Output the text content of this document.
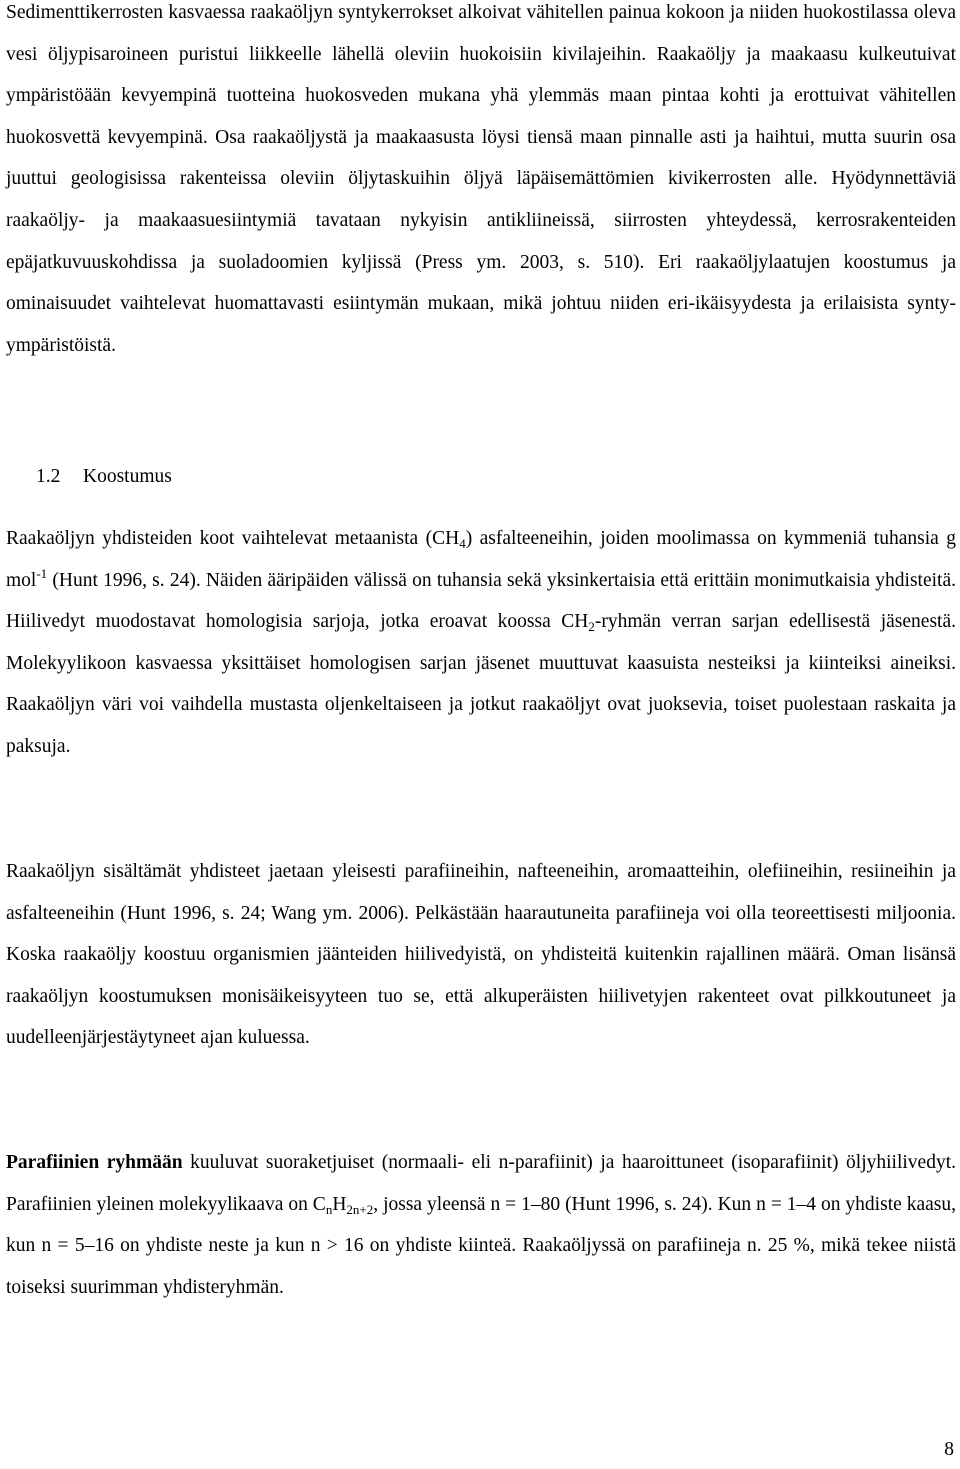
Sedimenttikerrosten kasvaessa raakaöljyn syntykerrokset alkoivat vähitellen painua kokoon ja niiden huokostilassa oleva vesi öljypisaroineen puristui liikkeelle lähellä oleviin huokoisiin kivilajeihin. Raakaöljy ja maakaasu kulkeutuivat ympäristöään kevyempinä tuotteina huokosveden mukana yhä ylemmäs maan pintaa kohti ja erottuivat vähitellen huokosvettä kevyempinä. Osa raakaöljystä ja maakaasusta löysi tiensä maan pinnalle asti ja haihtui, mutta suurin osa juuttui geologisissa rakenteissa oleviin öljytaskuihin öljyä läpäisemättömien kivikerrosten alle. Hyödynnettäviä raakaöljy- ja maakaasuesiintymiä tavataan nykyisin antikliineissä, siirrosten yhteydessä, kerrosrakenteiden epäjatkuvuuskohdissa ja suoladoomien kyljissä (Press ym. 2003, s. 510). Eri raakaöljylaatujen koostumus ja ominaisuudet vaihtelevat huomattavasti esiintymän mukaan, mikä johtuu niiden eri-ikäisyydesta ja erilaisista synty-ympäristöistä.

1.2 Koostumus

Raakaöljyn yhdisteiden koot vaihtelevat metaanista $(CH_4)$ asfalteeneihin, joiden moolimassa on kymmeniä tuhansia g mol$^{-1}$ (Hunt 1996, s. 24). Näiden ääripäiden välissä on tuhansia sekä yksinkertaisia että erittäin monimutkaisia yhdisteitä. Hiilivedyt muodostavat homologisia sarjoja, jotka eroavat koossa $CH_2$-ryhmän verran sarjan edellisestä jäsenestä. Molekyylikoon kasvaessa yksittäiset homologisen sarjan jäsenet muuttuvat kaasuista nesteiksi ja kiinteiksi aineiksi. Raakaöljyn väri voi vaihdella mustasta oljenkeltaiseen ja jotkut raakaöljyt ovat juoksevia, toiset puolestaan raskaita ja paksuja.

Raakaöljyn sisältämät yhdisteet jaetaan yleisesti parafiineihin, nafteeneihin, aromaatteihin, olefiineihin, resiineihin ja asfalteeneihin (Hunt 1996, s. 24; Wang ym. 2006). Pelkästään haarautuneita parafiineja voi olla teoreettisesti miljoonia. Koska raakaöljy koostuu organismien jäänteiden hiilivedyistä, on yhdisteitä kuitenkin rajallinen määrä. Oman lisänsä raakaöljyn koostumuksen monisäikeisyyteen tuo se, että alkuperäisten hiilivetyjen rakenteet ovat pilkkoutuneet ja uudelleenjärjestäytyneet ajan kuluessa.

Parafiinien ryhmään kuuluvat suoraketjuiset (normaali- eli n-parafiinit) ja haaroittuneet (isoparafiinit) öljyhiilivedyt. Parafiinien yleinen molekyylikaava on $C_nH_{2n+2}$, jossa yleensä n = 1–80 (Hunt 1996, s. 24). Kun n = 1–4 on yhdiste kaasu, kun n = 5–16 on yhdiste neste ja kun n > 16 on yhdiste kiinteä. Raakaöljyssä on parafiineja n. 25 %, mikä tekee niistä toiseksi suurimman yhdisteryhmän.

8
